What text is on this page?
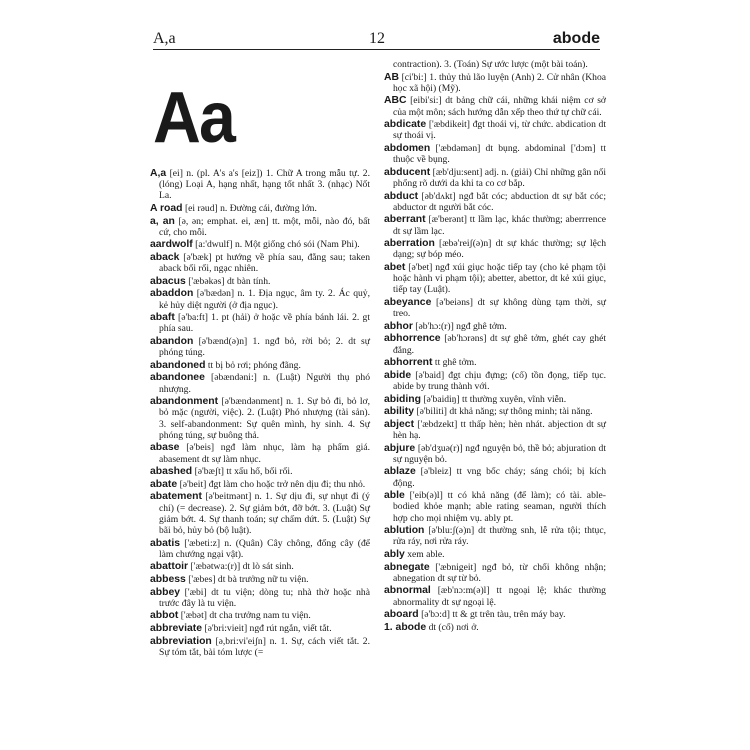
A,a	12	abode
Aa

A,a [ei] n. (pl. A's a's [eiz]) 1. Chữ A trong mẫu tự. 2. (lóng) Loại A, hạng nhất, hạng tốt nhất 3. (nhạc) Nốt La.

A road [ei rəud] n. Đường cái, đường lớn.

a, an [ə, ən; emphat. ei, æn] tt. một, mỗi, nào đó, bất cứ, cho mỗi.

aardwolf [a:'dwulf] n. Một giống chó sói (Nam Phi).

aback [ə'bæk] pt hướng về phía sau, đằng sau; taken aback bối rối, ngạc nhiên.

abacus ['æbəkəs] dt bàn tính.

abaddon [ə'bædən] n. 1. Địa ngục, âm ty. 2. Ác quỷ, kẻ hủy diệt người (ở địa ngục).

abaft [ə'ba:ft] 1. pt (hải) ở hoặc về phía bánh lái. 2. gt phía sau.

abandon [ə'bænd(ə)n] 1. ngđ bỏ, rời bỏ; 2. dt sự phóng túng.

abandoned tt bị bỏ rơi; phóng đãng.

abandonee [əbændəni:] n. (Luật) Người thụ phó nhượng.

abandonment [ə'bændənment] n. 1. Sự bỏ đi, bỏ lơ, bỏ mặc (người, việc). 2. (Luật) Phó nhượng (tài sản). 3. self-abandonment: Sự quên mình, hy sinh. 4. Sự phóng túng, sự buông thả.

abase [ə'beis] ngđ làm nhục, làm hạ phẩm giá. abasement dt sự làm nhục.

abashed [ə'bæʃt] tt xấu hổ, bối rối.

abate [ə'beit] đgt làm cho hoặc trở nên dịu đi; thu nhỏ.

abatement [ə'beitmənt] n. 1. Sự dịu đi, sự nhụt đi (ý chí) (= decrease). 2. Sự giảm bớt, đỡ bớt. 3. (Luật) Sự giảm bớt. 4. Sự thanh toán; sự chấm dứt. 5. (Luật) Sự bãi bỏ, hủy bỏ (bộ luật).

abatis ['æbeti:z] n. (Quân) Cây chông, đống cây (để làm chướng ngại vật).

abattoir ['æbətwa:(r)] dt lò sát sinh.

abbess ['æbes] dt bà trưởng nữ tu viện.

abbey ['æbi] dt tu viện; dòng tu; nhà thờ hoặc nhà trước đây là tu viện.

abbot ['æbət] dt cha trưởng nam tu viện.

abbreviate [ə'bri:vieit] ngđ rút ngắn, viết tắt.

abbreviation [ə,bri:vi'eiʃn] n. 1. Sự, cách viết tắt. 2. Sự tóm tắt, bài tóm lược (=

contraction). 3. (Toán) Sự ước lược (một bài toán).

AB [ci'bi:] 1. thủy thủ lão luyện (Anh) 2. Cử nhân (Khoa học xã hội) (Mỹ).

ABC [eibi'si:] dt bảng chữ cái, những khái niệm cơ sở của một môn; sách hướng dẫn xếp theo thứ tự chữ cái.

abdicate ['æbdikeit] đgt thoái vị, từ chức. abdication dt sự thoái vị.

abdomen ['æbdəmən] dt bụng. abdominal ['dɔm] tt thuộc về bụng.

abducent [æb'dju:sent] adj. n. (giải) Chỉ những gân nối phổng rõ dưới da khi ta co cơ bắp.

abduct [əb'dʌkt] ngđ bắt cóc; abduction dt sự bắt cóc; abductor dt người bắt cóc.

aberrant [æ'berənt] tt lầm lạc, khác thường; aberrrence dt sự lầm lạc.

aberration [æbə'reiʃ(ə)n] dt sự khác thường; sự lệch dạng; sự bóp méo.

abet [ə'bet] ngđ xúi giục hoặc tiếp tay (cho kẻ phạm tội hoặc hành vi phạm tội); abetter, abettor, dt kẻ xúi giục, tiếp tay (Luật).

abeyance [ə'beiəns] dt sự không dùng tạm thời, sự treo.

abhor [əb'hɔ:(r)] ngđ ghê tởm.

abhorrence [əb'hɔrəns] dt sự ghê tởm, ghét cay ghét đắng.

abhorrent tt ghê tởm.

abide [ə'baid] đgt chịu đựng; (cổ) tồn đọng, tiếp tục. abide by trung thành với.

abiding [ə'baidiŋ] tt thường xuyên, vĩnh viễn.

ability [ə'biliti] dt khả năng; sự thông minh; tài năng.

abject ['æbdzekt] tt thấp hèn; hèn nhát. abjection dt sự hèn hạ.

abjure [əb'dʒuə(r)] ngđ nguyện bỏ, thề bỏ; abjuration dt sự nguyện bỏ.

ablaze [ə'bleiz] tt vng bốc cháy; sáng chói; bị kích động.

able ['eib(ə)l] tt có khả năng (để làm); có tài. able-bodied khỏe mạnh; able rating seaman, người thích hợp cho mọi nhiệm vụ. ably pt.

ablution [ə'blu:ʃ(ə)n] dt thường snh, lễ rửa tội; thtục, rửa ráy, nơi rửa ráy.

ably xem able.

abnegate ['æbnigeit] ngđ bỏ, từ chối không nhận; abnegation dt sự từ bỏ.

abnormal [æb'nɔ:m(ə)l] tt ngoại lệ; khác thường abnormality dt sự ngoại lệ.

aboard [ə'bɔ:d] tt & gt trên tàu, trên máy bay.

1. abode dt (cổ) nơi ở.
